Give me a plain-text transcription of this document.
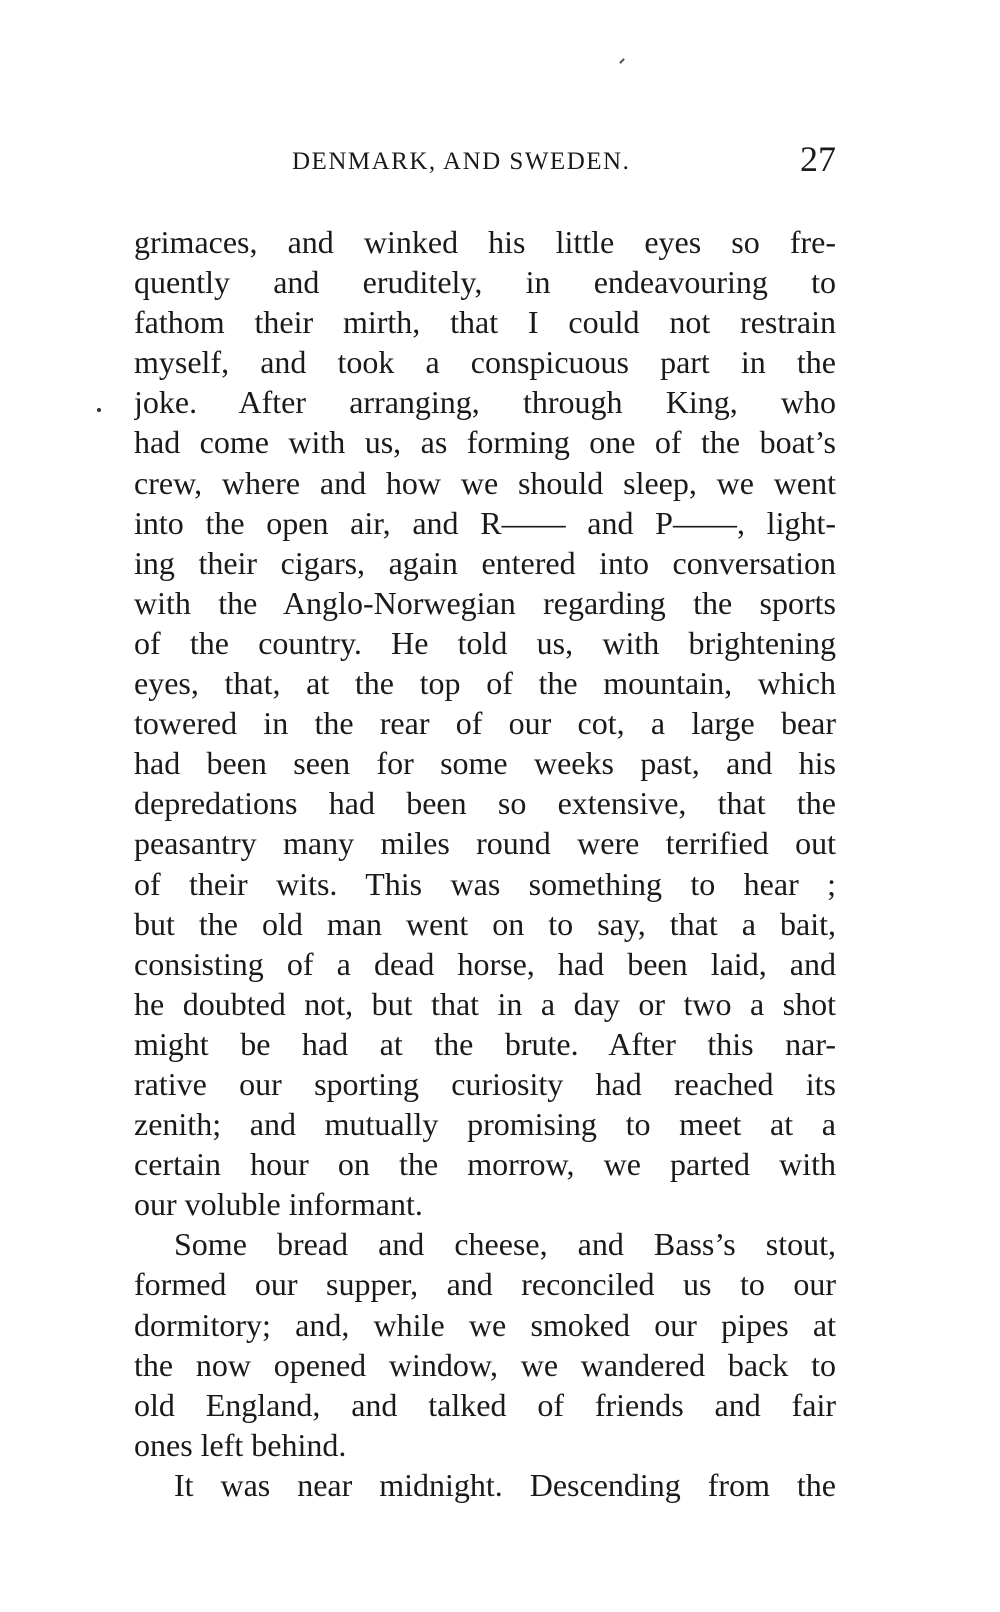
DENMARK, AND SWEDEN.	27
grimaces, and winked his little eyes so fre-
quently and eruditely, in endeavouring to
fathom their mirth, that I could not restrain
myself, and took a conspicuous part in the
joke. After arranging, through King, who
had come with us, as forming one of the boat’s
crew, where and how we should sleep, we went
into the open air, and R—— and P——, light-
ing their cigars, again entered into conversation
with the Anglo-Norwegian regarding the sports
of the country. He told us, with brightening
eyes, that, at the top of the mountain, which
towered in the rear of our cot, a large bear
had been seen for some weeks past, and his
depredations had been so extensive, that the
peasantry many miles round were terrified out
of their wits. This was something to hear ;
but the old man went on to say, that a bait,
consisting of a dead horse, had been laid, and
he doubted not, but that in a day or two a shot
might be had at the brute. After this nar-
rative our sporting curiosity had reached its
zenith; and mutually promising to meet at a
certain hour on the morrow, we parted with
our voluble informant.
Some bread and cheese, and Bass’s stout,
formed our supper, and reconciled us to our
dormitory; and, while we smoked our pipes at
the now opened window, we wandered back to
old England, and talked of friends and fair
ones left behind.
It was near midnight. Descending from the
